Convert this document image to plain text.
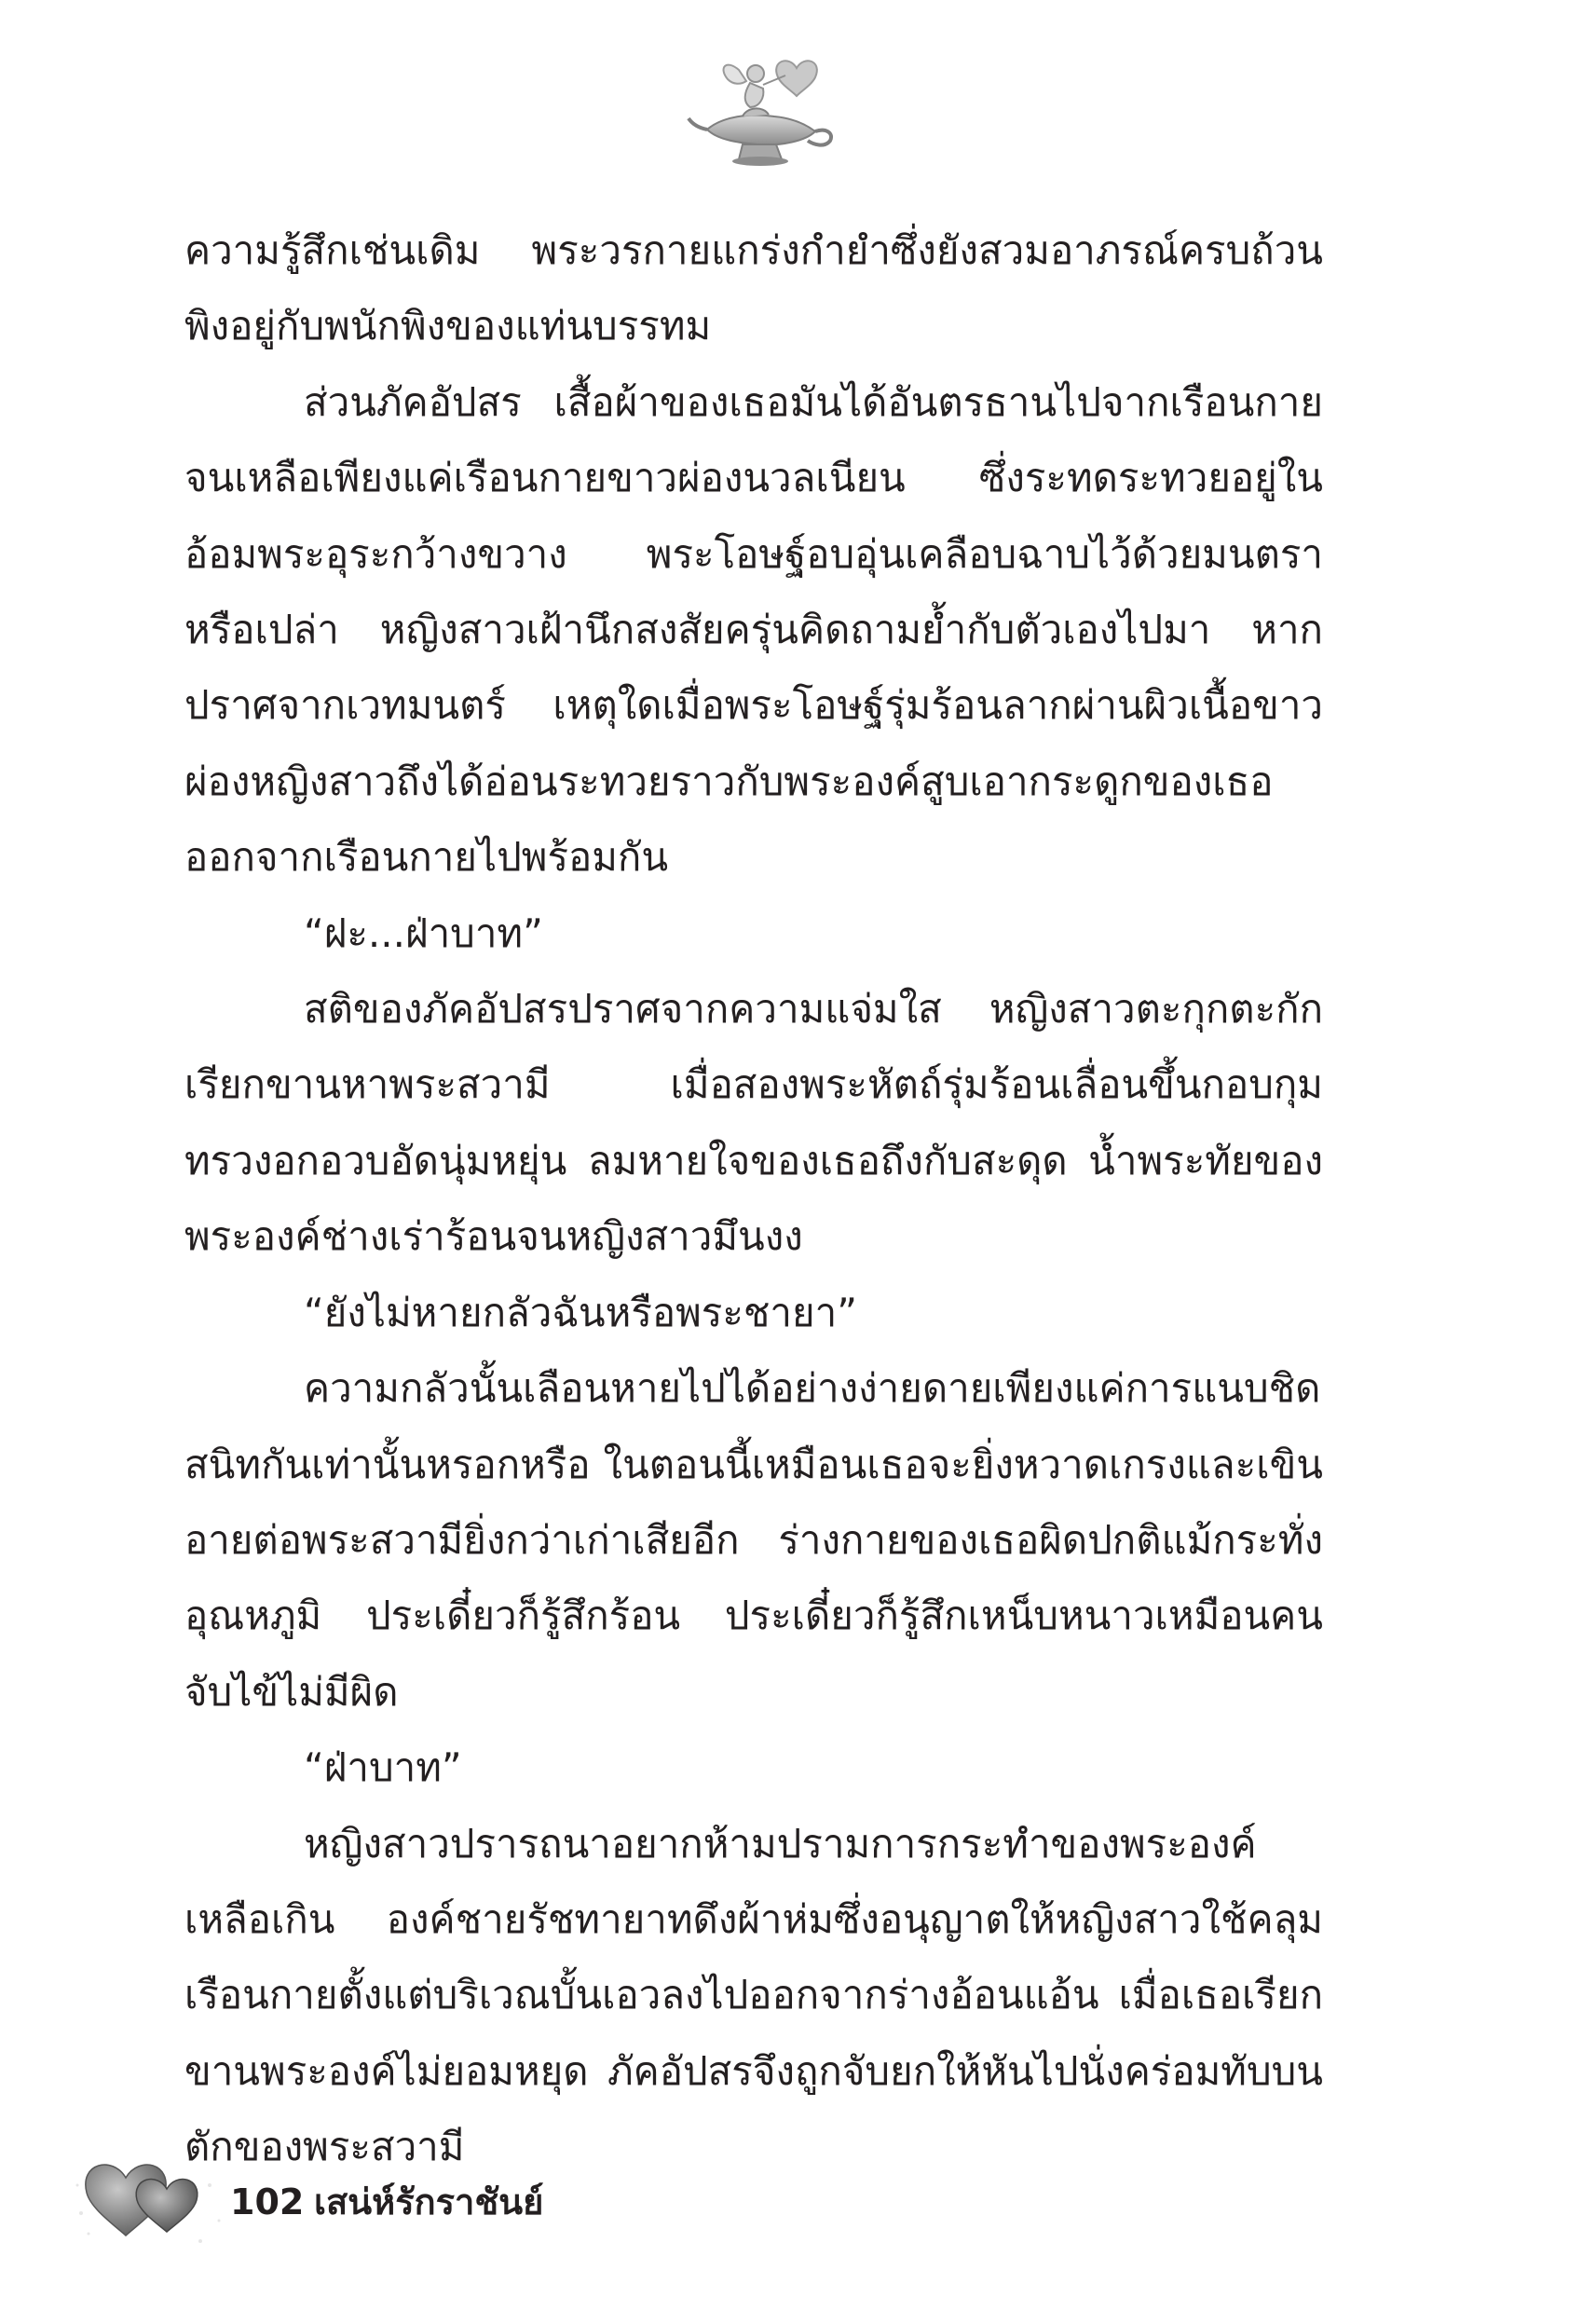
ความรู้สึกเช่นเดิม พระวรกายแกร่งกำยำซึ่งยังสวมอาภรณ์ครบถ้วนพิงอยู่กับพนักพิงของแท่นบรรทม

ส่วนภัคอัปสร เสื้อผ้าของเธอมันได้อันตรธานไปจากเรือนกายจนเหลือเพียงแค่เรือนกายขาวผ่องนวลเนียน ซึ่งระทดระทวยอยู่ในอ้อมพระอุระกว้างขวาง พระโอษฐ์อบอุ่นเคลือบฉาบไว้ด้วยมนตราหรือเปล่า หญิงสาวเฝ้านึกสงสัยครุ่นคิดถามย้ำกับตัวเองไปมา หากปราศจากเวทมนตร์ เหตุใดเมื่อพระโอษฐ์รุ่มร้อนลากผ่านผิวเนื้อขาวผ่องหญิงสาวถึงได้อ่อนระทวยราวกับพระองค์สูบเอากระดูกของเธอออกจากเรือนกายไปพร้อมกัน

“ฝะ...ฝ่าบาท”

สติของภัคอัปสรปราศจากความแจ่มใส หญิงสาวตะกุกตะกักเรียกขานหาพระสวามี เมื่อสองพระหัตถ์รุ่มร้อนเลื่อนขึ้นกอบกุมทรวงอกอวบอัดนุ่มหยุ่น ลมหายใจของเธอถึงกับสะดุด น้ำพระทัยของพระองค์ช่างเร่าร้อนจนหญิงสาวมึนงง

“ยังไม่หายกลัวฉันหรือพระชายา”

ความกลัวนั้นเลือนหายไปได้อย่างง่ายดายเพียงแค่การแนบชิดสนิทกันเท่านั้นหรอกหรือ ในตอนนี้เหมือนเธอจะยิ่งหวาดเกรงและเขินอายต่อพระสวามียิ่งกว่าเก่าเสียอีก ร่างกายของเธอผิดปกติแม้กระทั่งอุณหภูมิ ประเดี๋ยวก็รู้สึกร้อน ประเดี๋ยวก็รู้สึกเหน็บหนาวเหมือนคนจับไข้ไม่มีผิด

“ฝ่าบาท”

หญิงสาวปรารถนาอยากห้ามปรามการกระทำของพระองค์เหลือเกิน องค์ชายรัชทายาทดึงผ้าห่มซึ่งอนุญาตให้หญิงสาวใช้คลุมเรือนกายตั้งแต่บริเวณบั้นเอวลงไปออกจากร่างอ้อนแอ้น เมื่อเธอเรียกขานพระองค์ไม่ยอมหยุด ภัคอัปสรจึงถูกจับยกให้หันไปนั่งคร่อมทับบนตักของพระสวามี

102 เสน่ห์รักราชันย์
